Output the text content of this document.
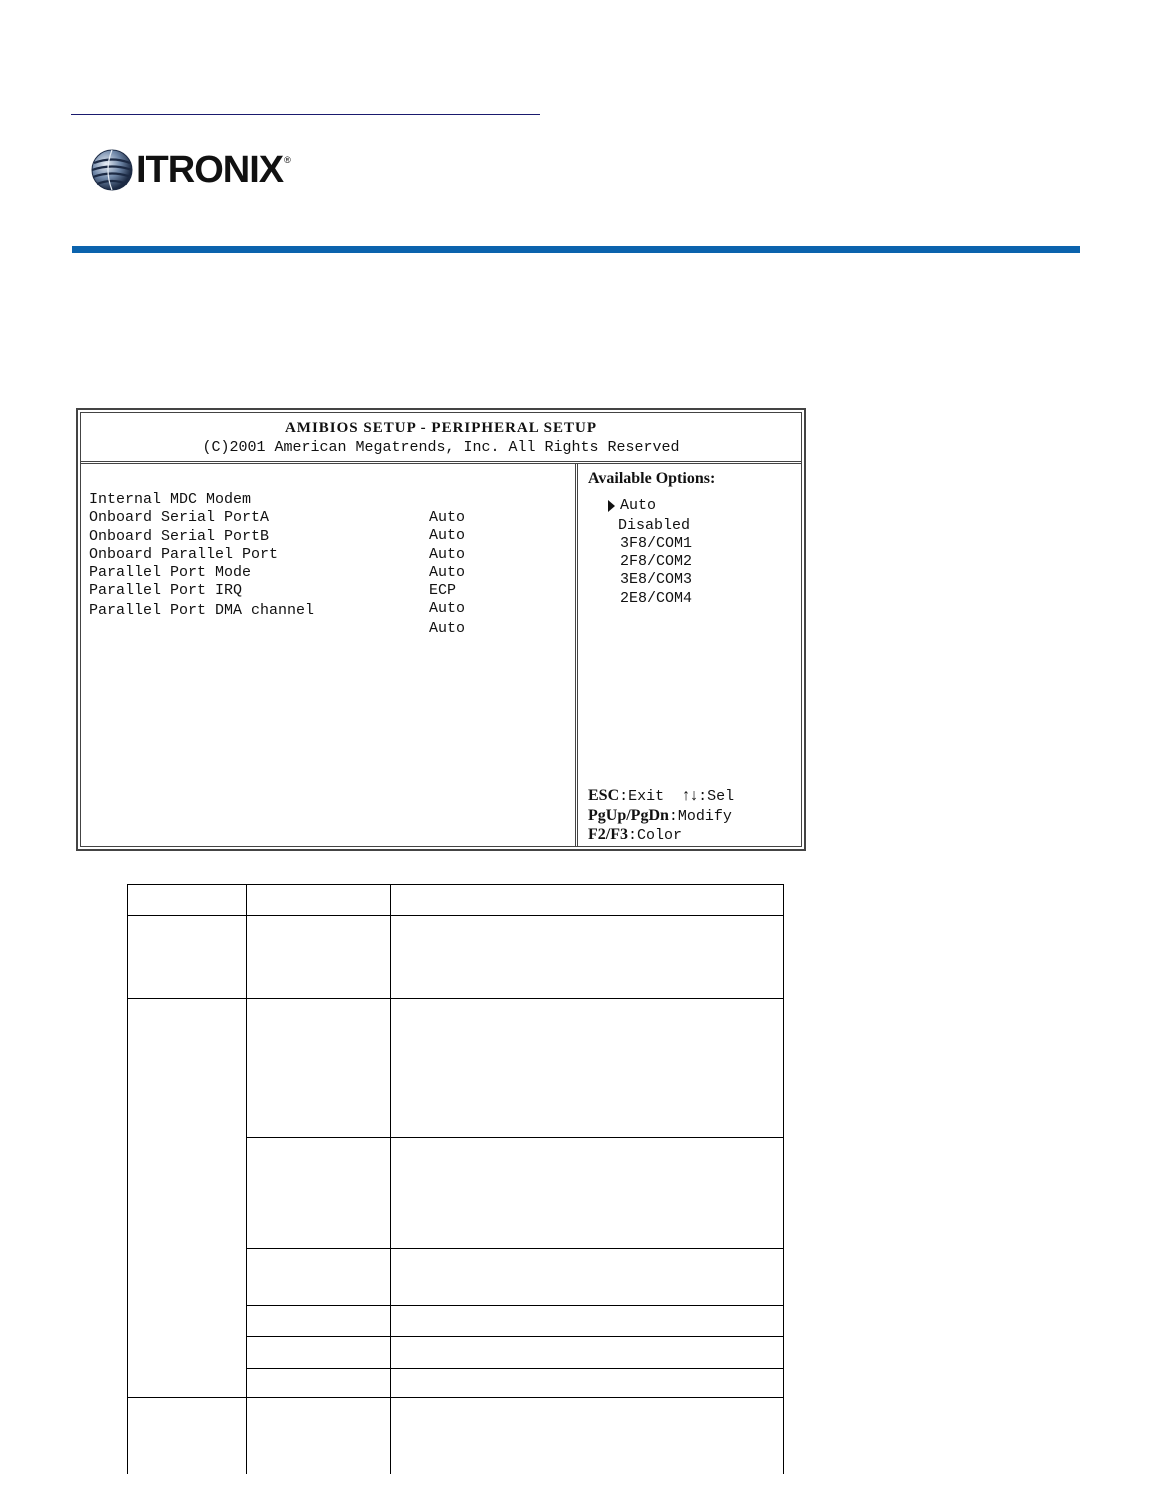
ITRONIX ®
AMIBIOS SETUP - PERIPHERAL SETUP
(C)2001 American Megatrends, Inc. All Rights Reserved

Internal MDC Modem

Auto

Onboard Serial PortA

Auto

Onboard Serial PortB

Auto

Onboard Parallel Port

Auto

Parallel Port Mode

ECP

Parallel Port IRQ

Auto

Parallel Port DMA channel

Auto

Available Options:
Auto
Disabled
3F8/COM1
2F8/COM2
3E8/COM3
2E8/COM4
ESC:Exit ↑↓:Sel
PgUp/PgDn:Modify
F2/F3:Color
